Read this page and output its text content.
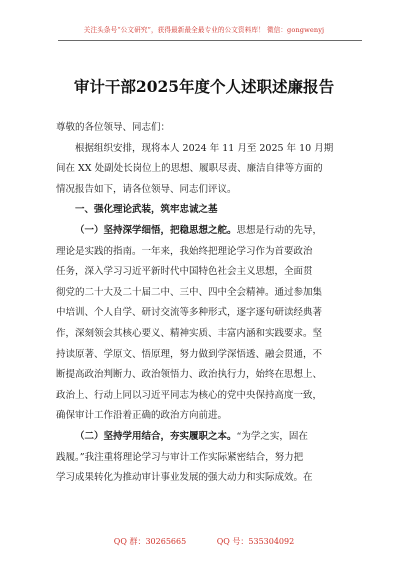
关注头条号“公文研究”，获得最新最全最专业的公文资料库！ 微信：gongwenyj
审计干部2025年度个人述职述廉报告
尊敬的各位领导、同志们：
根据组织安排，现将本人 2024 年 11 月至 2025 年 10 月期
间在 XX 处副处长岗位上的思想、履职尽责、廉洁自律等方面的
情况报告如下，请各位领导、同志们评议。
一、强化理论武装，筑牢忠诚之基
（一）坚持深学细悟，把稳思想之舵。思想是行动的先导，
理论是实践的指南。一年来，我始终把理论学习作为首要政治
任务，深入学习习近平新时代中国特色社会主义思想，全面贯
彻党的二十大及二十届二中、三中、四中全会精神。通过参加集
中培训、个人自学、研讨交流等多种形式，逐字逐句研读经典著
作，深刻领会其核心要义、精神实质、丰富内涵和实践要求。坚
持读原著、学原文、悟原理，努力做到学深悟透、融会贯通，不
断提高政治判断力、政治领悟力、政治执行力，始终在思想上、
政治上、行动上同以习近平同志为核心的党中央保持高度一致，
确保审计工作沿着正确的政治方向前进。
（二）坚持学用结合，夯实履职之本。“为学之实，固在
践履。”我注重将理论学习与审计工作实际紧密结合，努力把
学习成果转化为推动审计事业发展的强大动力和实际成效。在
QQ 群：30265665	QQ 号：535304092
